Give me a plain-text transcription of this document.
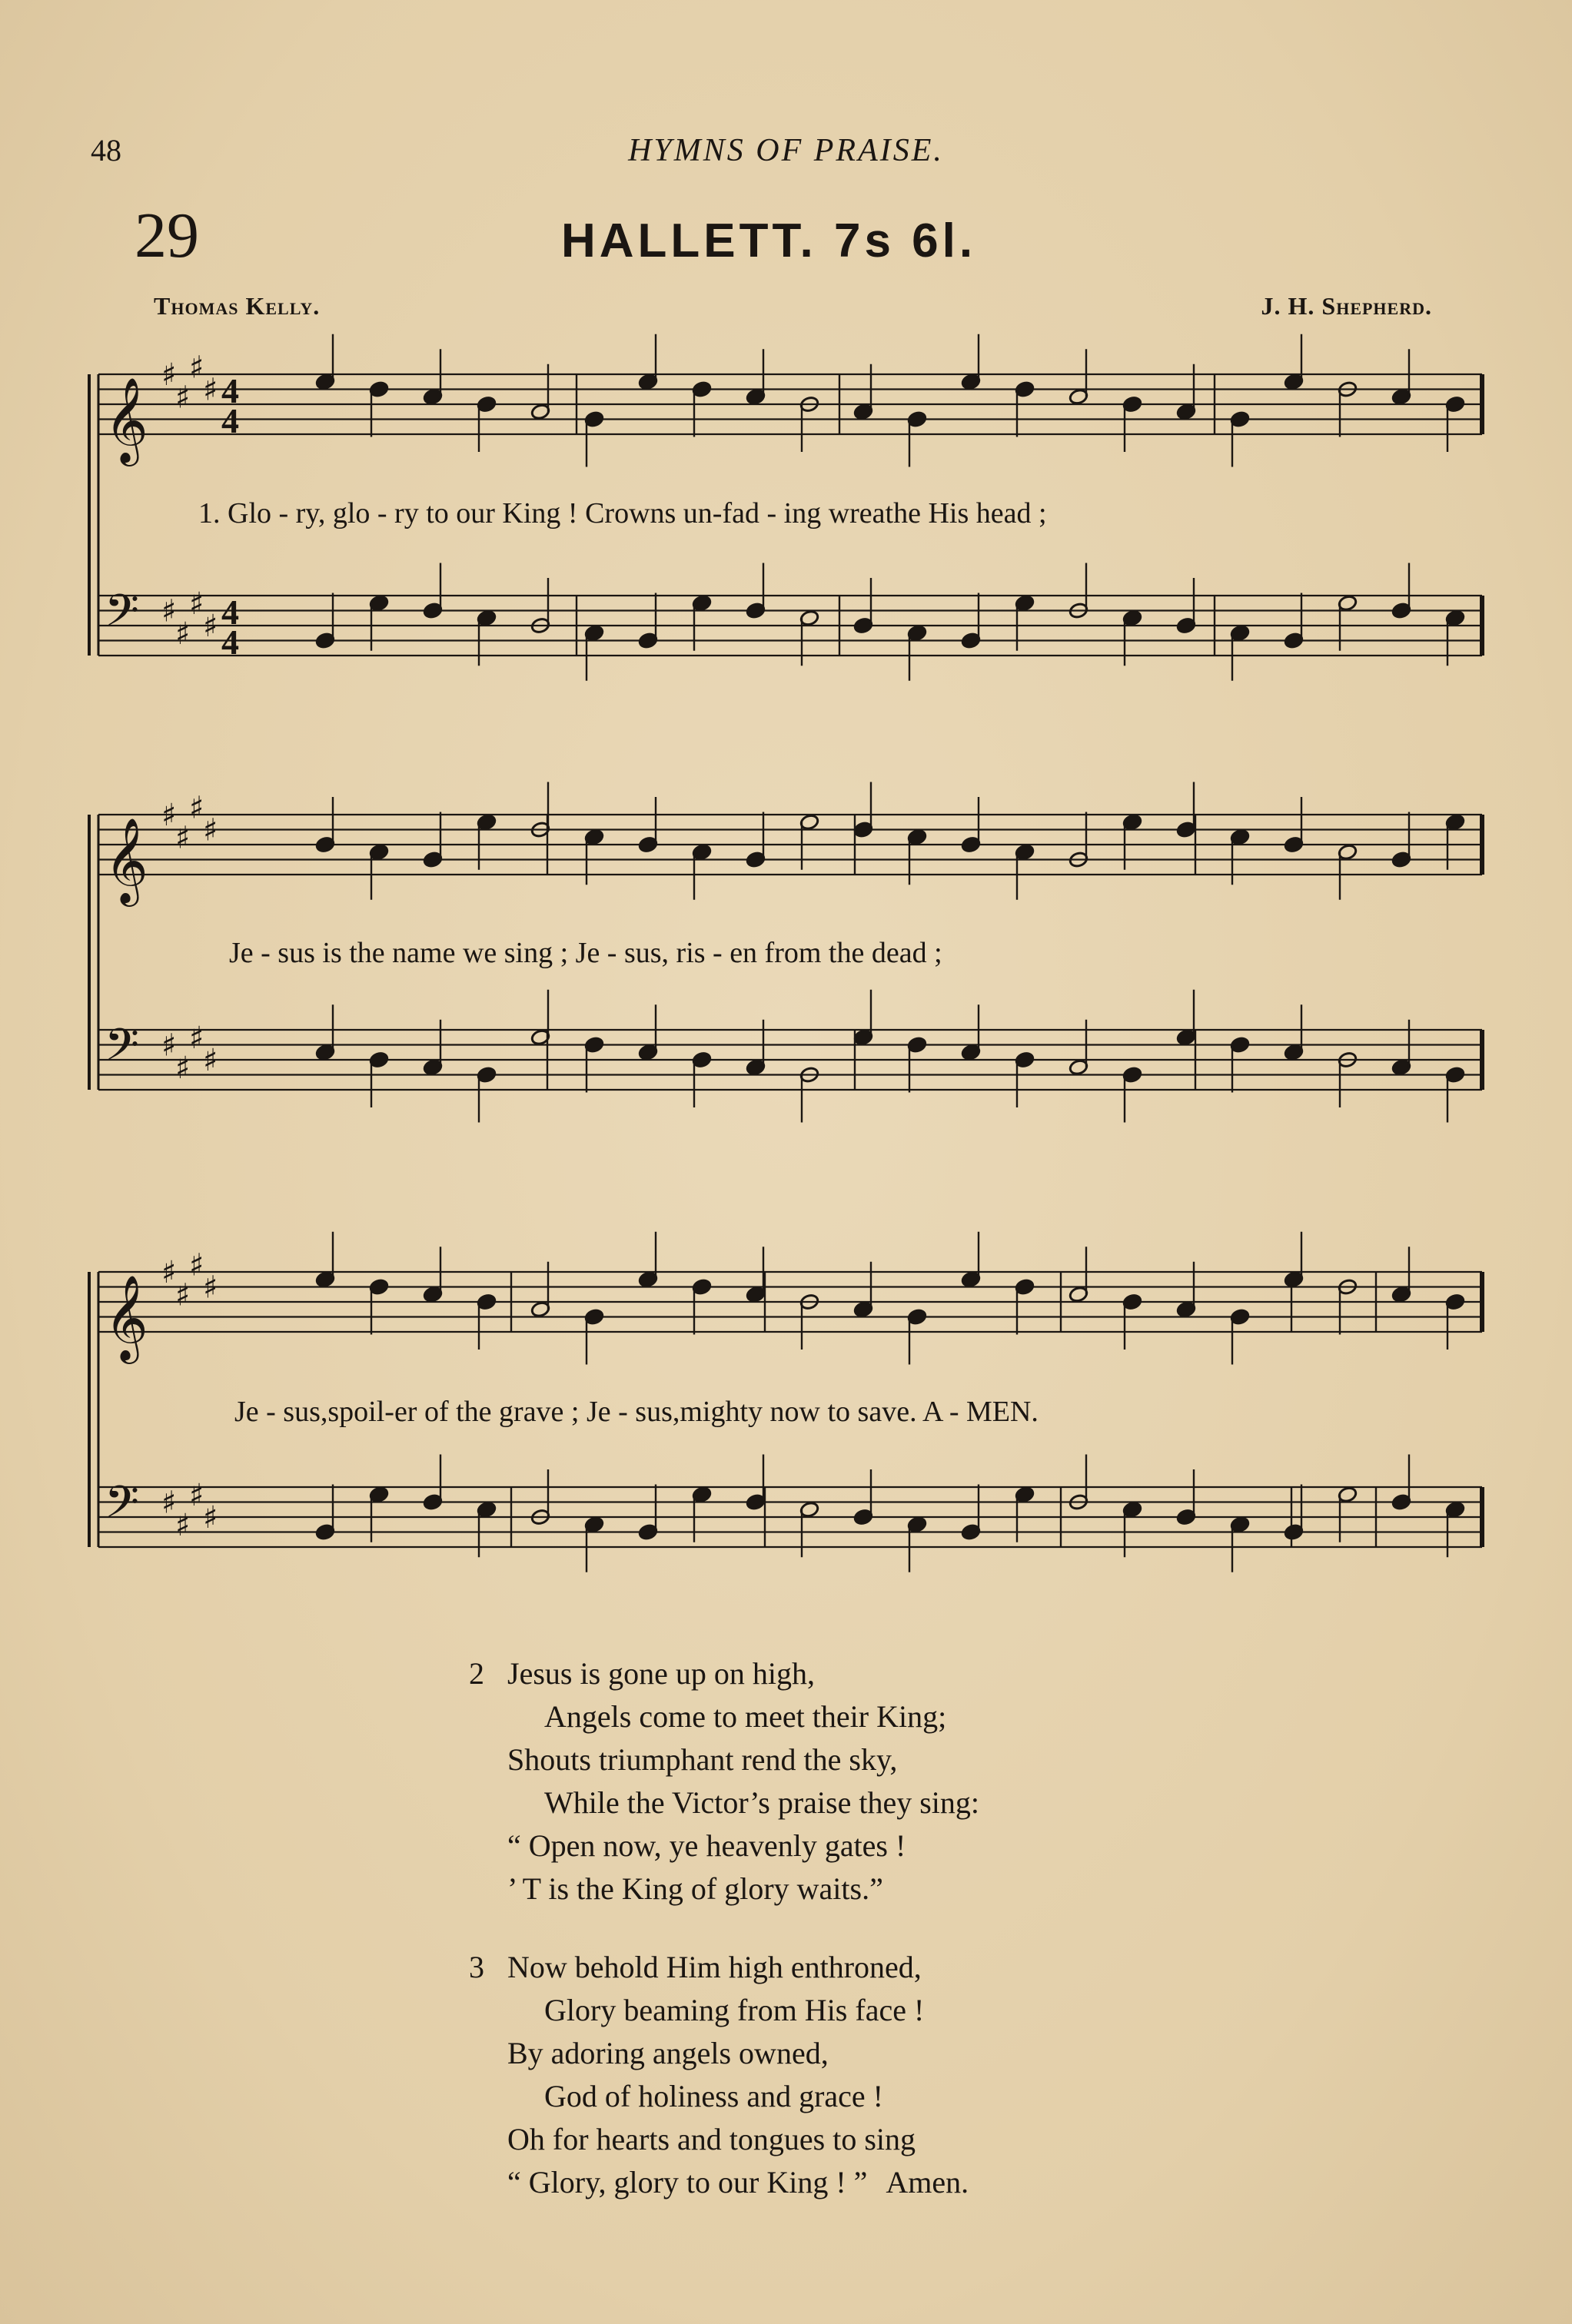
48	HYMNS OF PRAISE.
29	HALLETT. 7s 6l.
Thomas Kelly.	J. H. Shepherd.
𝄞
♯
♯
♯
♯ 4
4
𝄢 ♯
♯
♯
♯ 4
4
𝄞
♯
♯
♯
♯
𝄢 ♯
♯
♯
♯
𝄞
♯
♯
♯
♯
𝄢 ♯
♯
♯
♯
1. Glo - ry, glo - ry to our King ! Crowns un-fad - ing wreathe His head ;
Je - sus is the name we sing ; Je - sus, ris - en from the dead ;
Je - sus,spoil-er of the grave ; Je - sus,mighty now to save. A - MEN.
2 Jesus is gone up on high,
Angels come to meet their King;
Shouts triumphant rend the sky,
While the Victor’s praise they sing:
“ Open now, ye heavenly gates !
’ T is the King of glory waits.”
3 Now behold Him high enthroned,
Glory beaming from His face !
By adoring angels owned,
God of holiness and grace !
Oh for hearts and tongues to sing
“ Glory, glory to our King ! ” Amen.
